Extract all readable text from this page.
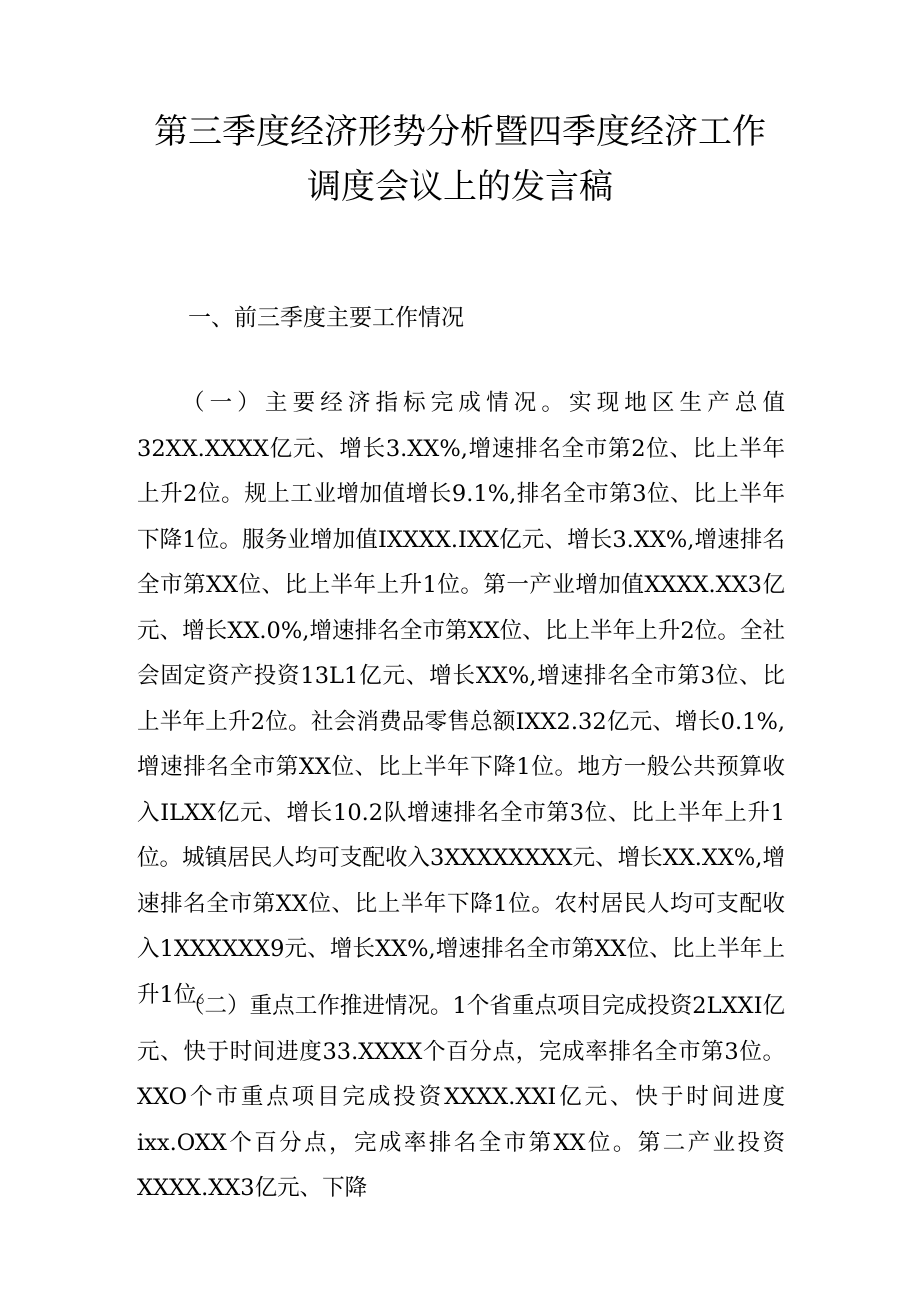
第三季度经济形势分析暨四季度经济工作
调度会议上的发言稿
一、前三季度主要工作情况

（一）主要经济指标完成情况。实现地区生产总值32XX.XXXX亿元、增长3.XX%,增速排名全市第2位、比上半年上升2位。规上工业增加值增长9.1%,排名全市第3位、比上半年下降1位。服务业增加值IXXXX.IXX亿元、增长3.XX%,增速排名全市第XX位、比上半年上升1位。第一产业增加值XXXX.XX3亿元、增长XX.0%,增速排名全市第XX位、比上半年上升2位。全社会固定资产投资13L1亿元、增长XX%,增速排名全市第3位、比上半年上升2位。社会消费品零售总额IXX2.32亿元、增长0.1%,增速排名全市第XX位、比上半年下降1位。地方一般公共预算收入ILXX亿元、增长10.2队增速排名全市第3位、比上半年上升1位。城镇居民人均可支配收入3XXXXXXXX元、增长XX.XX%,增速排名全市第XX位、比上半年下降1位。农村居民人均可支配收入1XXXXXX9元、增长XX%,增速排名全市第XX位、比上半年上升1位。

（二）重点工作推进情况。1个省重点项目完成投资2LXXI亿元、快于时间进度33.XXXX个百分点，完成率排名全市第3位。XXO个市重点项目完成投资XXXX.XXI亿元、快于时间进度ixx.OXX个百分点，完成率排名全市第XX位。第二产业投资XXXX.XX3亿元、下降
